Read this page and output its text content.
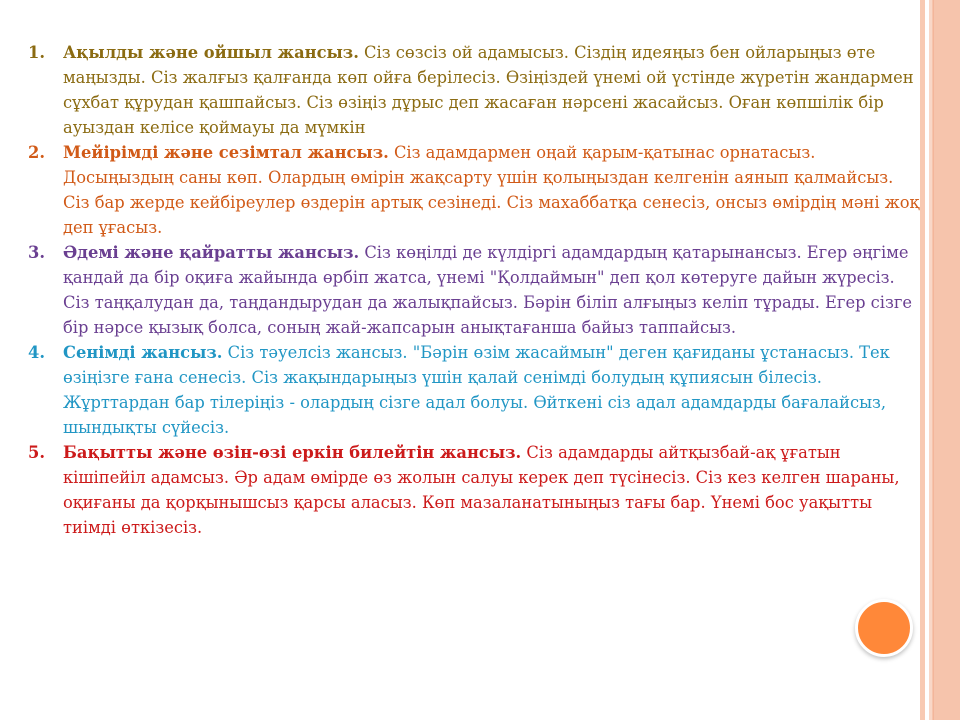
1. Ақылды және ойшыл жансыз. Сіз сөзсіз ой адамысыз. Сіздің идеяңыз бен ойларыңыз өте маңызды. Сіз жалғыз қалғанда көп ойға берілесіз. Өзіңіздей үнемі ой үстінде жүретін жандармен сұхбат құрудан қашпайсыз. Сіз өзіңіз дұрыс деп жасаған нәрсені жасайсыз. Оған көпшілік бір ауыздан келісе қоймауы да мүмкін

2. Мейірімді және сезімтал жансыз. Сіз адамдармен оңай қарым-қатынас орнатасыз. Досыңыздың саны көп. Олардың өмірін жақсарту үшін қолыңыздан келгенін аянып қалмайсыз. Сіз бар жерде кейбіреулер өздерін артық сезінеді. Сіз махаббатқа сенесіз, онсыз өмірдің мәні жоқ деп ұғасыз.

3. Әдемі және қайратты жансыз. Сіз көңілді де күлдіргі адамдардың қатарынансыз. Егер әңгіме қандай да бір оқиға жайында өрбіп жатса, үнемі "Қолдаймын" деп қол көтеруге дайын жүресіз. Сіз таңқалудан да, таңдандырудан да жалықпайсыз. Бәрін біліп алғыңыз келіп тұрады. Егер сізге бір нәрсе қызық болса, соның жай-жапсарын анықтағанша байыз таппайсыз.

4. Сенімді жансыз. Сіз тәуелсіз жансыз. "Бәрін өзім жасаймын" деген қағиданы ұстанасыз. Тек өзіңізге ғана сенесіз. Сіз жақындарыңыз үшін қалай сенімді болудың құпиясын білесіз. Жұрттардан бар тілеріңіз - олардың сізге адал болуы. Өйткені сіз адал адамдарды бағалайсыз, шындықты сүйесіз.

5. Бақытты және өзін-өзі еркін билейтін жансыз. Сіз адамдарды айтқызбай-ақ ұғатын кішіпейіл адамсыз. Әр адам өмірде өз жолын салуы керек деп түсінесіз. Сіз кез келген шараны, оқиғаны да қорқынышсыз қарсы аласыз. Көп мазаланатыныңыз тағы бар. Үнемі бос уақытты тиімді өткізесіз.
